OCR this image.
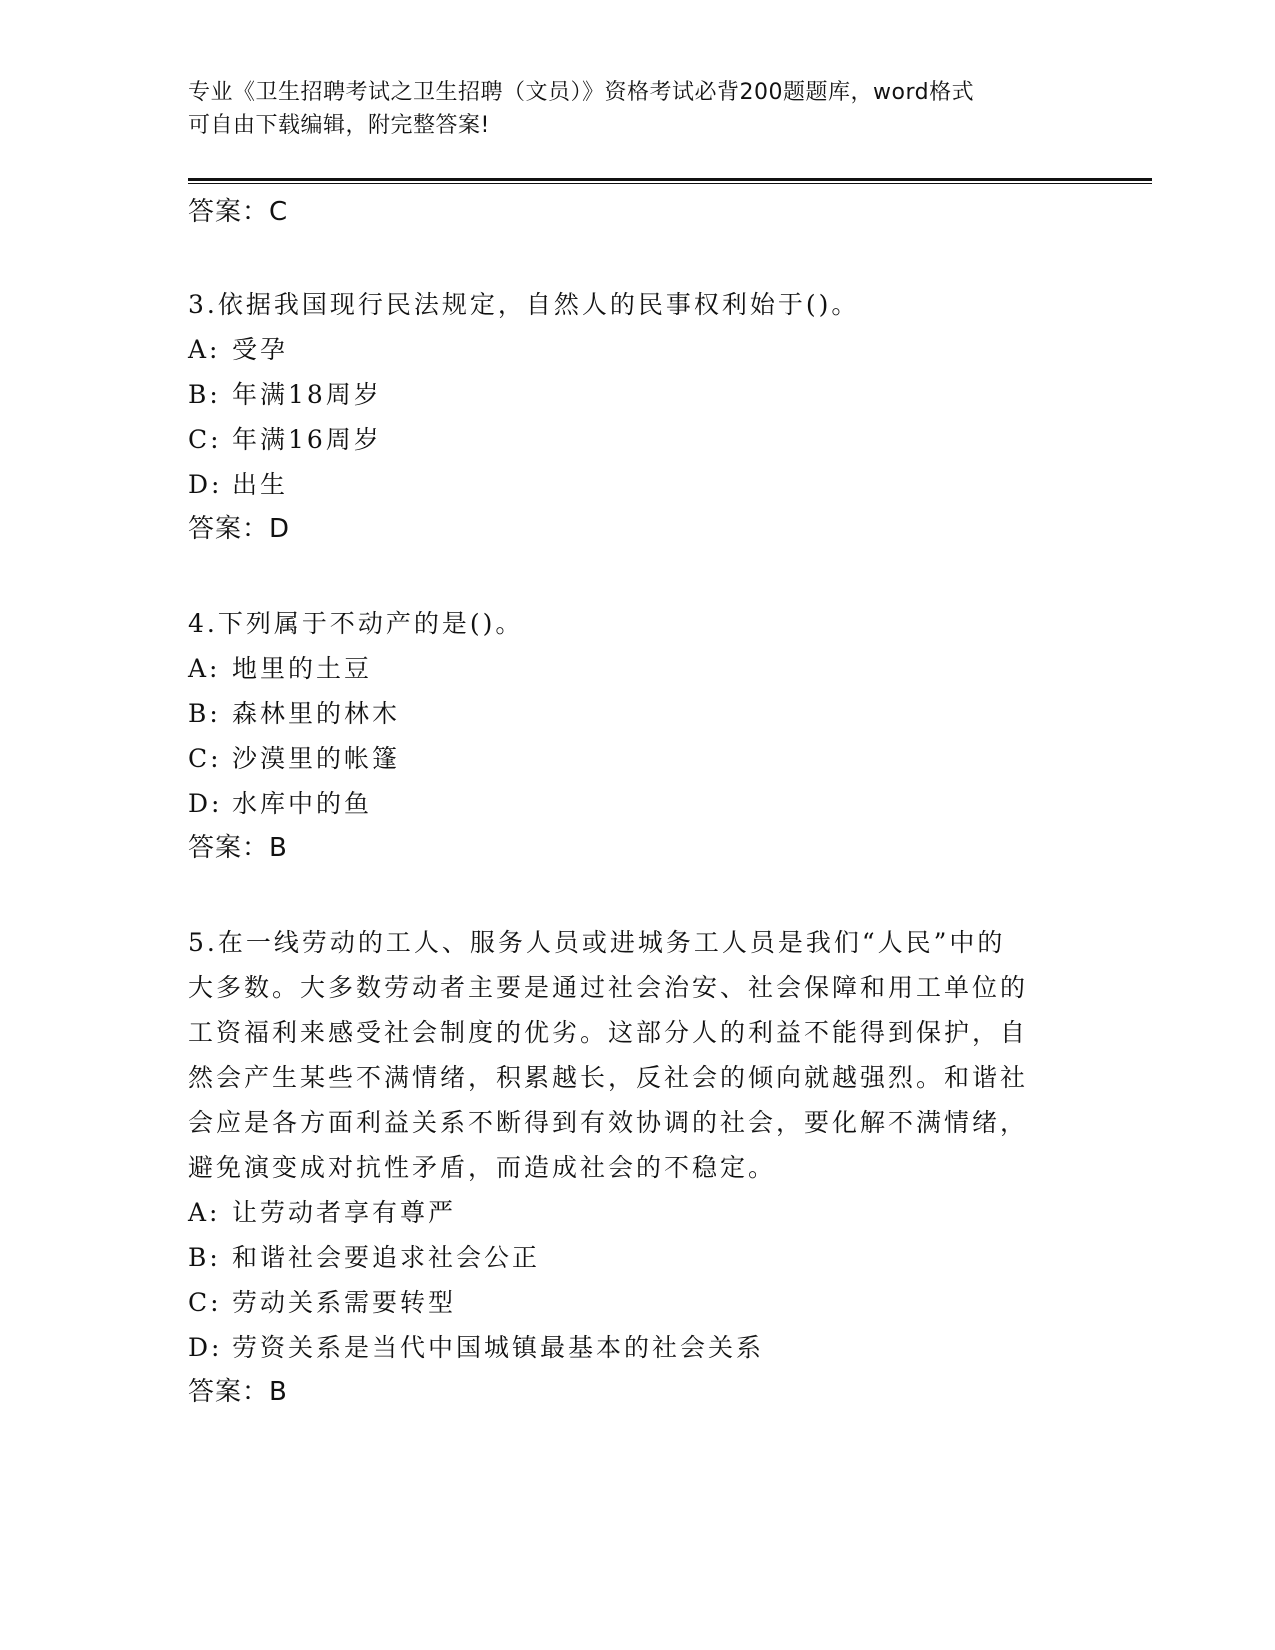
专业《卫生招聘考试之卫生招聘（文员）》资格考试必背200题题库，word格式
可自由下载编辑，附完整答案!

答案：C

3.依据我国现行民法规定，自然人的民事权利始于()。

A: 受孕

B: 年满18周岁

C: 年满16周岁

D: 出生

答案：D

4.下列属于不动产的是()。

A: 地里的土豆

B: 森林里的林木

C: 沙漠里的帐篷

D: 水库中的鱼

答案：B

5.在一线劳动的工人、服务人员或进城务工人员是我们“人民”中的

大多数。大多数劳动者主要是通过社会治安、社会保障和用工单位的

工资福利来感受社会制度的优劣。这部分人的利益不能得到保护，自

然会产生某些不满情绪，积累越长，反社会的倾向就越强烈。和谐社

会应是各方面利益关系不断得到有效协调的社会，要化解不满情绪，

避免演变成对抗性矛盾，而造成社会的不稳定。

A: 让劳动者享有尊严

B: 和谐社会要追求社会公正

C: 劳动关系需要转型

D: 劳资关系是当代中国城镇最基本的社会关系

答案：B
